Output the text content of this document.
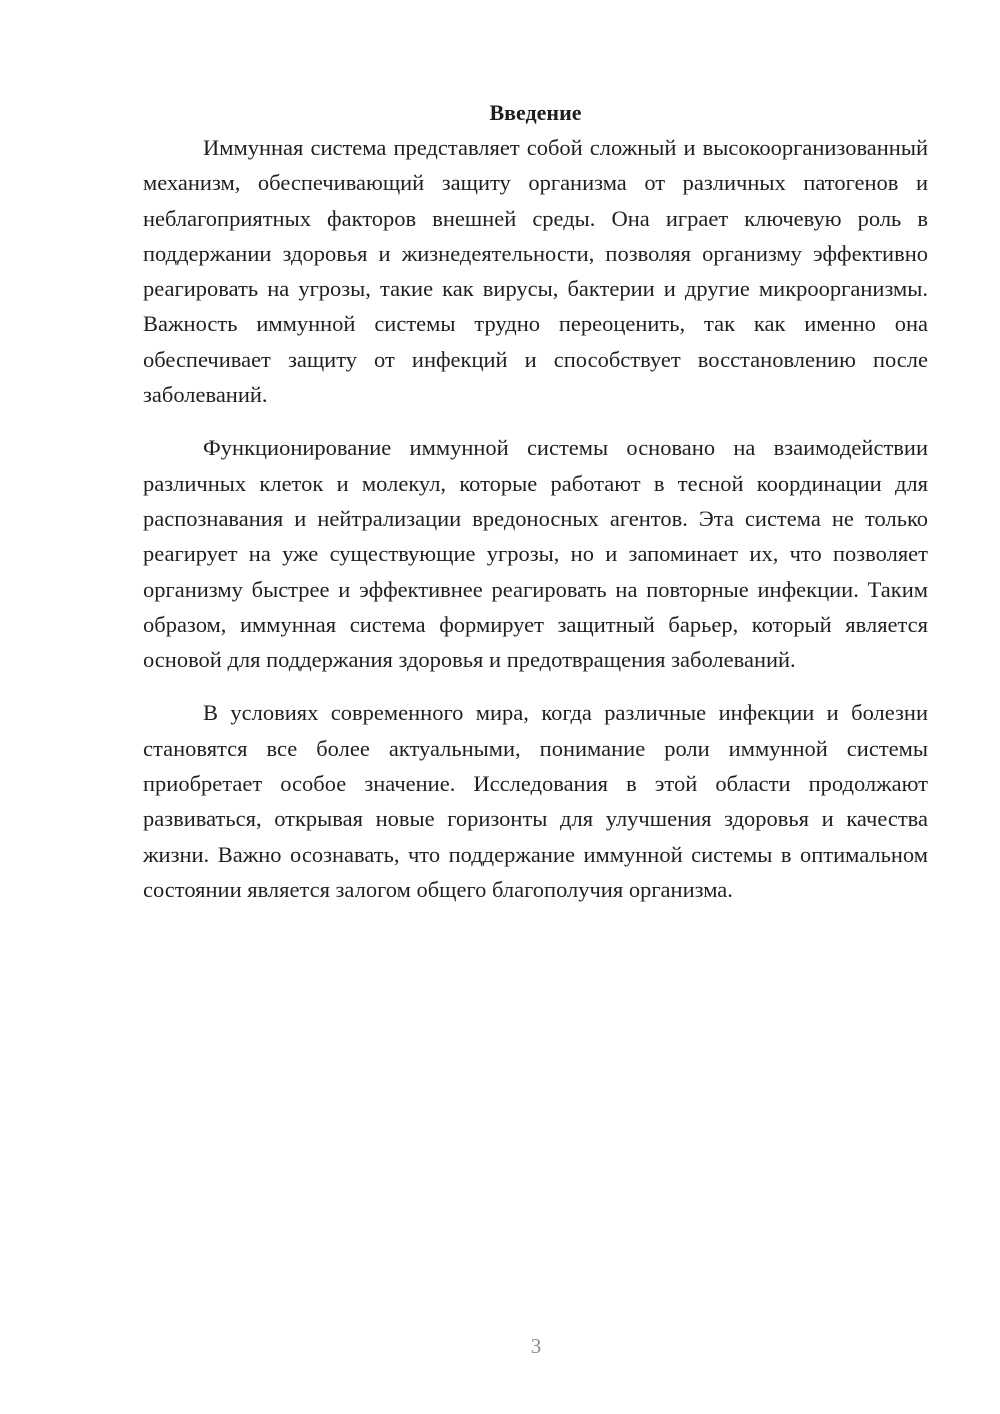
Введение

Иммунная система представляет собой сложный и высокоорганизованный механизм, обеспечивающий защиту организма от различных патогенов и неблагоприятных факторов внешней среды. Она играет ключевую роль в поддержании здоровья и жизнедеятельности, позволяя организму эффективно реагировать на угрозы, такие как вирусы, бактерии и другие микроорганизмы. Важность иммунной системы трудно переоценить, так как именно она обеспечивает защиту от инфекций и способствует восстановлению после заболеваний.

Функционирование иммунной системы основано на взаимодействии различных клеток и молекул, которые работают в тесной координации для распознавания и нейтрализации вредоносных агентов. Эта система не только реагирует на уже существующие угрозы, но и запоминает их, что позволяет организму быстрее и эффективнее реагировать на повторные инфекции. Таким образом, иммунная система формирует защитный барьер, который является основой для поддержания здоровья и предотвращения заболеваний.

В условиях современного мира, когда различные инфекции и болезни становятся все более актуальными, понимание роли иммунной системы приобретает особое значение. Исследования в этой области продолжают развиваться, открывая новые горизонты для улучшения здоровья и качества жизни. Важно осознавать, что поддержание иммунной системы в оптимальном состоянии является залогом общего благополучия организма.

3
